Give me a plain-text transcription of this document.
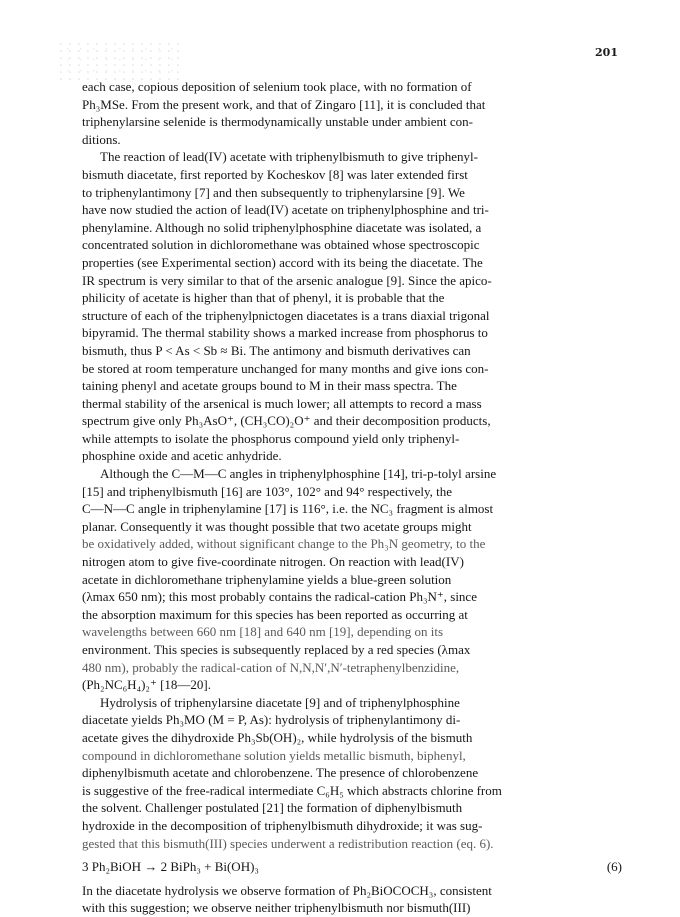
201

each case, copious deposition of selenium took place, with no formation of
Ph₃MSe. From the present work, and that of Zingaro [11], it is concluded that
triphenylarsine selenide is thermodynamically unstable under ambient con-
ditions.

The reaction of lead(IV) acetate with triphenylbismuth to give triphenyl-
bismuth diacetate, first reported by Kocheskov [8] was later extended first
to triphenylantimony [7] and then subsequently to triphenylarsine [9]. We
have now studied the action of lead(IV) acetate on triphenylphosphine and tri-
phenylamine. Although no solid triphenylphosphine diacetate was isolated, a
concentrated solution in dichloromethane was obtained whose spectroscopic
properties (see Experimental section) accord with its being the diacetate. The
IR spectrum is very similar to that of the arsenic analogue [9]. Since the apico-
philicity of acetate is higher than that of phenyl, it is probable that the
structure of each of the triphenylpnictogen diacetates is a trans diaxial trigonal
bipyramid. The thermal stability shows a marked increase from phosphorus to
bismuth, thus P < As < Sb ≈ Bi. The antimony and bismuth derivatives can
be stored at room temperature unchanged for many months and give ions con-
taining phenyl and acetate groups bound to M in their mass spectra. The
thermal stability of the arsenical is much lower; all attempts to record a mass
spectrum give only Ph₃AsO⁺, (CH₃CO)₂O⁺ and their decomposition products,
while attempts to isolate the phosphorus compound yield only triphenyl-
phosphine oxide and acetic anhydride.

Although the C—M—C angles in triphenylphosphine [14], tri-p-tolyl arsine
[15] and triphenylbismuth [16] are 103°, 102° and 94° respectively, the
C—N—C angle in triphenylamine [17] is 116°, i.e. the NC₃ fragment is almost
planar. Consequently it was thought possible that two acetate groups might
be oxidatively added, without significant change to the Ph₃N geometry, to the
nitrogen atom to give five-coordinate nitrogen. On reaction with lead(IV)
acetate in dichloromethane triphenylamine yields a blue-green solution
(λmax 650 nm); this most probably contains the radical-cation Ph₃N⁺, since
the absorption maximum for this species has been reported as occurring at
wavelengths between 660 nm [18] and 640 nm [19], depending on its
environment. This species is subsequently replaced by a red species (λmax
480 nm), probably the radical-cation of N,N,N′,N′-tetraphenylbenzidine,
(Ph₂NC₆H₄)₂⁺ [18—20].

Hydrolysis of triphenylarsine diacetate [9] and of triphenylphosphine
diacetate yields Ph₃MO (M = P, As): hydrolysis of triphenylantimony di-
acetate gives the dihydroxide Ph₃Sb(OH)₂, while hydrolysis of the bismuth
compound in dichloromethane solution yields metallic bismuth, biphenyl,
diphenylbismuth acetate and chlorobenzene. The presence of chlorobenzene
is suggestive of the free-radical intermediate C₆H₅ which abstracts chlorine from
the solvent. Challenger postulated [21] the formation of diphenylbismuth
hydroxide in the decomposition of triphenylbismuth dihydroxide; it was sug-
gested that this bismuth(III) species underwent a redistribution reaction (eq. 6).

3 Ph₂BiOH → 2 BiPh₃ + Bi(OH)₃	(6)

In the diacetate hydrolysis we observe formation of Ph₂BiOCOCH₃, consistent
with this suggestion; we observe neither triphenylbismuth nor bismuth(III)
